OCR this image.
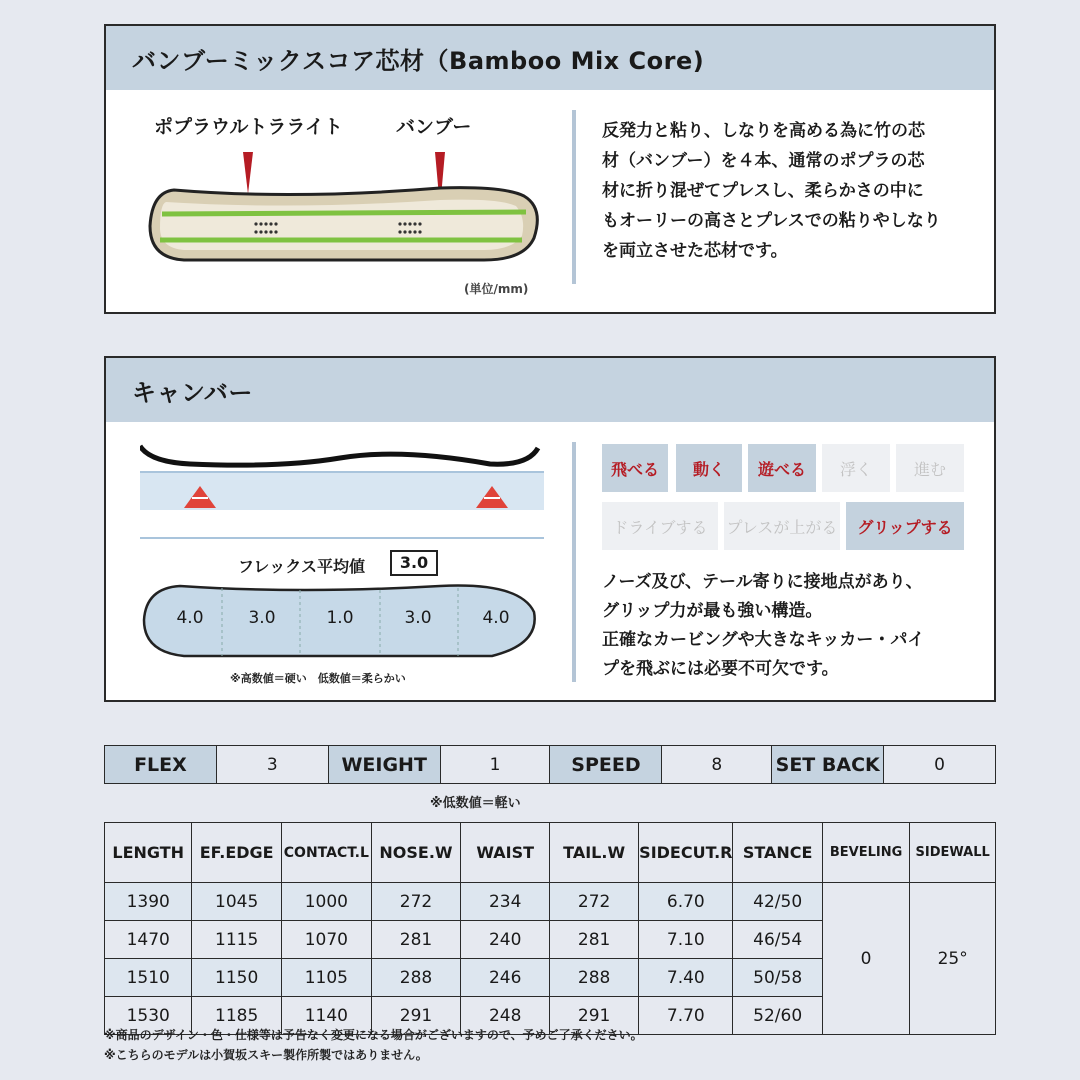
バンブーミックスコア芯材（Bamboo Mix Core)
ポプラウルトラライト	バンブー
(単位/mm)
反発力と粘り、しなりを高める為に竹の芯
材（バンブー）を４本、通常のポプラの芯
材に折り混ぜてプレスし、柔らかさの中に
もオーリーの高さとプレスでの粘りやしなり
を両立させた芯材です。
キャンバー
フレックス平均値	3.0
4.0	3.0	1.0	3.0	4.0
※高数値＝硬い　低数値＝柔らかい
飛べる	動く	遊べる	浮く	進む
ドライブする	プレスが上がる	グリップする
ノーズ及び、テール寄りに接地点があり、
グリップ力が最も強い構造。
正確なカービングや大きなキッカー・パイ
プを飛ぶには必要不可欠です。
FLEX	3	WEIGHT	1	SPEED	8	SET BACK	0
※低数値＝軽い
LENGTH	EF.EDGE	CONTACT.L	NOSE.W	WAIST	TAIL.W	SIDECUT.R	STANCE	BEVELING	SIDEWALL
1390	1045	1000	272	234	272	6.70	42/50	0	25°
1470	1115	1070	281	240	281	7.10	46/54		
1510	1150	1105	288	246	288	7.40	50/58		
1530	1185	1140	291	248	291	7.70	52/60		
※商品のデザイン・色・仕様等は予告なく変更になる場合がございますので、予めご了承ください。
※こちらのモデルは小賀坂スキー製作所製ではありません。
